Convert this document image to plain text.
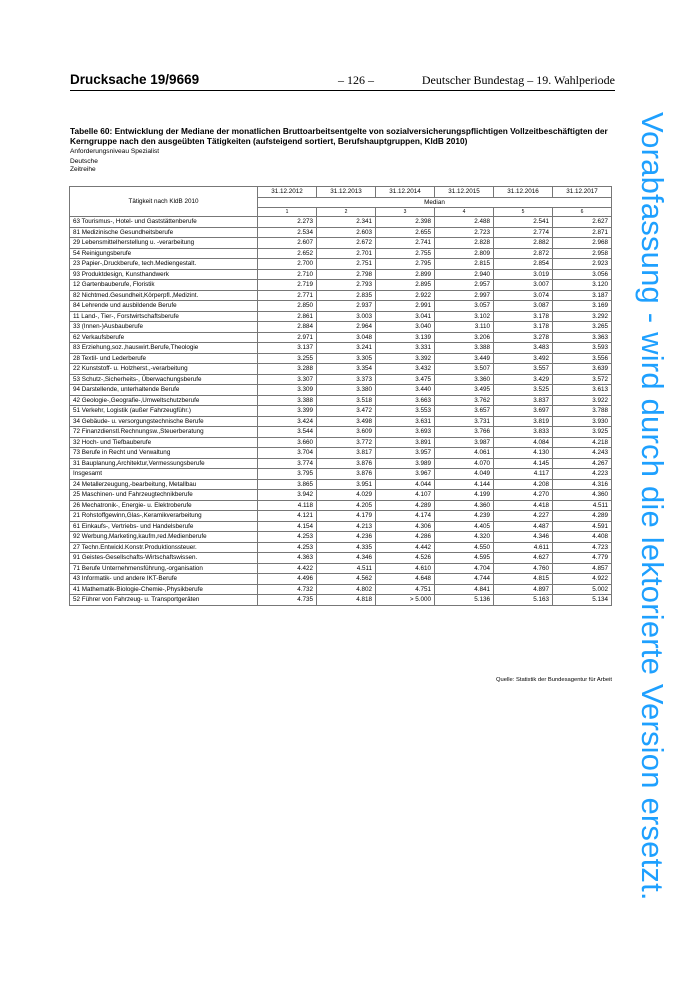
Drucksache 19/9669	– 126 –	Deutscher Bundestag – 19. Wahlperiode
Tabelle 60: Entwicklung der Mediane der monatlichen Bruttoarbeitsentgelte von sozialversicherungspflichtigen Vollzeitbeschäftigten der Kerngruppe nach den ausgeübten Tätigkeiten (aufsteigend sortiert, Berufshauptgruppen, KldB 2010)
Anforderungsniveau Spezialist
Deutsche
Zeitreihe	Vorabfassung - wird durch die lektorierte Version ersetzt.
Tätigkeit nach KldB 2010	31.12.2012	31.12.2013	31.12.2014	31.12.2015	31.12.2016	31.12.2017
	Median					
	1	2	3	4	5	6
63 Tourismus-, Hotel- und Gaststättenberufe	2.273	2.341	2.398	2.488	2.541	2.627
81 Medizinische Gesundheitsberufe	2.534	2.603	2.655	2.723	2.774	2.871
29 Lebensmittelherstellung u. -verarbeitung	2.607	2.672	2.741	2.828	2.882	2.968
54 Reinigungsberufe	2.652	2.701	2.755	2.809	2.872	2.958
23 Papier-,Druckberufe, tech.Mediengestalt.	2.700	2.751	2.795	2.815	2.854	2.923
93 Produktdesign, Kunsthandwerk	2.710	2.798	2.899	2.940	3.019	3.056
12 Gartenbauberufe, Floristik	2.719	2.793	2.895	2.957	3.007	3.120
82 Nichtmed.Gesundheit,Körperpfl.,Medizint.	2.771	2.835	2.922	2.997	3.074	3.187
84 Lehrende und ausbildende Berufe	2.850	2.937	2.991	3.057	3.087	3.169
11 Land-, Tier-, Forstwirtschaftsberufe	2.861	3.003	3.041	3.102	3.178	3.292
33 (Innen-)Ausbauberufe	2.884	2.964	3.040	3.110	3.178	3.265
62 Verkaufsberufe	2.971	3.048	3.139	3.206	3.278	3.363
83 Erziehung,soz.,hauswirt.Berufe,Theologie	3.137	3.241	3.331	3.388	3.483	3.593
28 Textil- und Lederberufe	3.255	3.305	3.392	3.449	3.492	3.556
22 Kunststoff- u. Holzherst.,-verarbeitung	3.288	3.354	3.432	3.507	3.557	3.639
53 Schutz-,Sicherheits-, Überwachungsberufe	3.307	3.373	3.475	3.360	3.429	3.572
94 Darstellende, unterhaltende Berufe	3.309	3.380	3.440	3.495	3.525	3.613
42 Geologie-,Geografie-,Umweltschutzberufe	3.388	3.518	3.663	3.762	3.837	3.922
51 Verkehr, Logistik (außer Fahrzeugführ.)	3.399	3.472	3.553	3.657	3.697	3.788
34 Gebäude- u. versorgungstechnische Berufe	3.424	3.498	3.631	3.731	3.819	3.930
72 Finanzdienstl.Rechnungsw.,Steuerberatung	3.544	3.609	3.693	3.766	3.833	3.925
32 Hoch- und Tiefbauberufe	3.660	3.772	3.891	3.987	4.084	4.218
73 Berufe in Recht und Verwaltung	3.704	3.817	3.957	4.061	4.130	4.243
31 Bauplanung,Architektur,Vermessungsberufe	3.774	3.876	3.989	4.070	4.145	4.267
Insgesamt	3.795	3.876	3.967	4.049	4.117	4.223
24 Metallerzeugung,-bearbeitung, Metallbau	3.865	3.951	4.044	4.144	4.208	4.316
25 Maschinen- und Fahrzeugtechnikberufe	3.942	4.029	4.107	4.199	4.270	4.360
26 Mechatronik-, Energie- u. Elektroberufe	4.118	4.205	4.289	4.360	4.418	4.511
21 Rohstoffgewinn,Glas-,Keramikverarbeitung	4.121	4.179	4.174	4.239	4.227	4.289
61 Einkaufs-, Vertriebs- und Handelsberufe	4.154	4.213	4.306	4.405	4.487	4.591
92 Werbung,Marketing,kaufm,red.Medienberufe	4.253	4.236	4.286	4.320	4.346	4.408
27 Techn.Entwickl.Konstr.Produktionssteuer.	4.253	4.335	4.442	4.550	4.611	4.723
91 Geistes-Gesellschafts-Wirtschaftswissen.	4.363	4.346	4.526	4.595	4.627	4.779
71 Berufe Unternehmensführung,-organisation	4.422	4.511	4.610	4.704	4.760	4.857
43 Informatik- und andere IKT-Berufe	4.496	4.562	4.648	4.744	4.815	4.922
41 Mathematik-Biologie-Chemie-,Physikberufe	4.732	4.802	4.751	4.841	4.897	5.002
52 Führer von Fahrzeug- u. Transportgeräten	4.735	4.818	> 5.000	5.136	5.163	5.134
Quelle: Statistik der Bundesagentur für Arbeit
